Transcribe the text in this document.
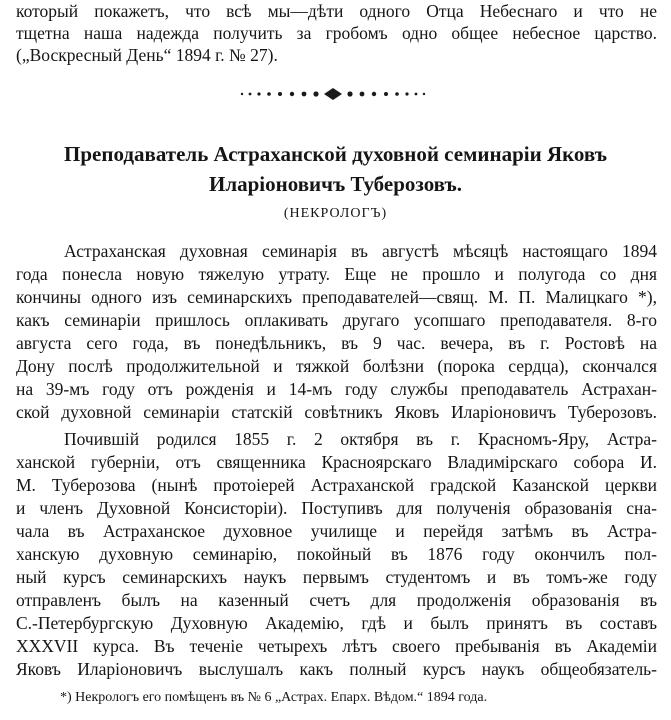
который покажетъ, что всѣ мы—дѣти одного Отца Небеснаго и что не
тщетна наша надежда получить за гробомъ одно общее небесное царство.
(„Воскресный День“ 1894 г. № 27).
Преподаватель Астраханской духовной семинаріи Яковъ
Иларіоновичъ Туберозовъ.
(НЕКРОЛОГЪ)
Астраханская духовная семинарія въ августѣ мѣсяцѣ настоящаго 1894
года понесла новую тяжелую утрату. Еще не прошло и полугода со дня
кончины одного изъ семинарскихъ преподавателей—свящ. М. П. Малицкаго *),
какъ семинаріи пришлось оплакивать другаго усопшаго преподавателя. 8-го
августа сего года, въ понедѣльникъ, въ 9 час. вечера, въ г. Ростовѣ на
Дону послѣ продолжительной и тяжкой болѣзни (порока сердца), скончался
на 39-мъ году отъ рожденія и 14-мъ году службы преподаватель Астрахан-
ской духовной семинаріи статскій совѣтникъ Яковъ Иларіоновичъ Туберозовъ.
Почившій родился 1855 г. 2 октября въ г. Красномъ-Яру, Астра-
ханской губерніи, отъ священника Краснoярскаго Владимірскаго собора И.
М. Туберозова (нынѣ протоіерей Астраханской градской Казанской церкви
и членъ Духовной Консисторіи). Поступивъ для полученія образованія сна-
чала въ Астраханское духовное училище и перейдя затѣмъ въ Астра-
ханскую духовную семинарію, покойный въ 1876 году окончилъ пол-
ный курсъ семинарскихъ наукъ первымъ студентомъ и въ томъ-же году
отправленъ былъ на казенный счетъ для продолженія образованія въ
С.-Петербургскую Духовную Академію, гдѣ и былъ принятъ въ составъ
XXXVII курса. Въ теченіе четырехъ лѣтъ своего пребыванія въ Академіи
Яковъ Иларіоновичъ выслушалъ какъ полный курсъ наукъ общеобязатель-
*) Некрологъ его помѣщенъ въ № 6 „Астрах. Епарх. Вѣдом.“ 1894 года.
